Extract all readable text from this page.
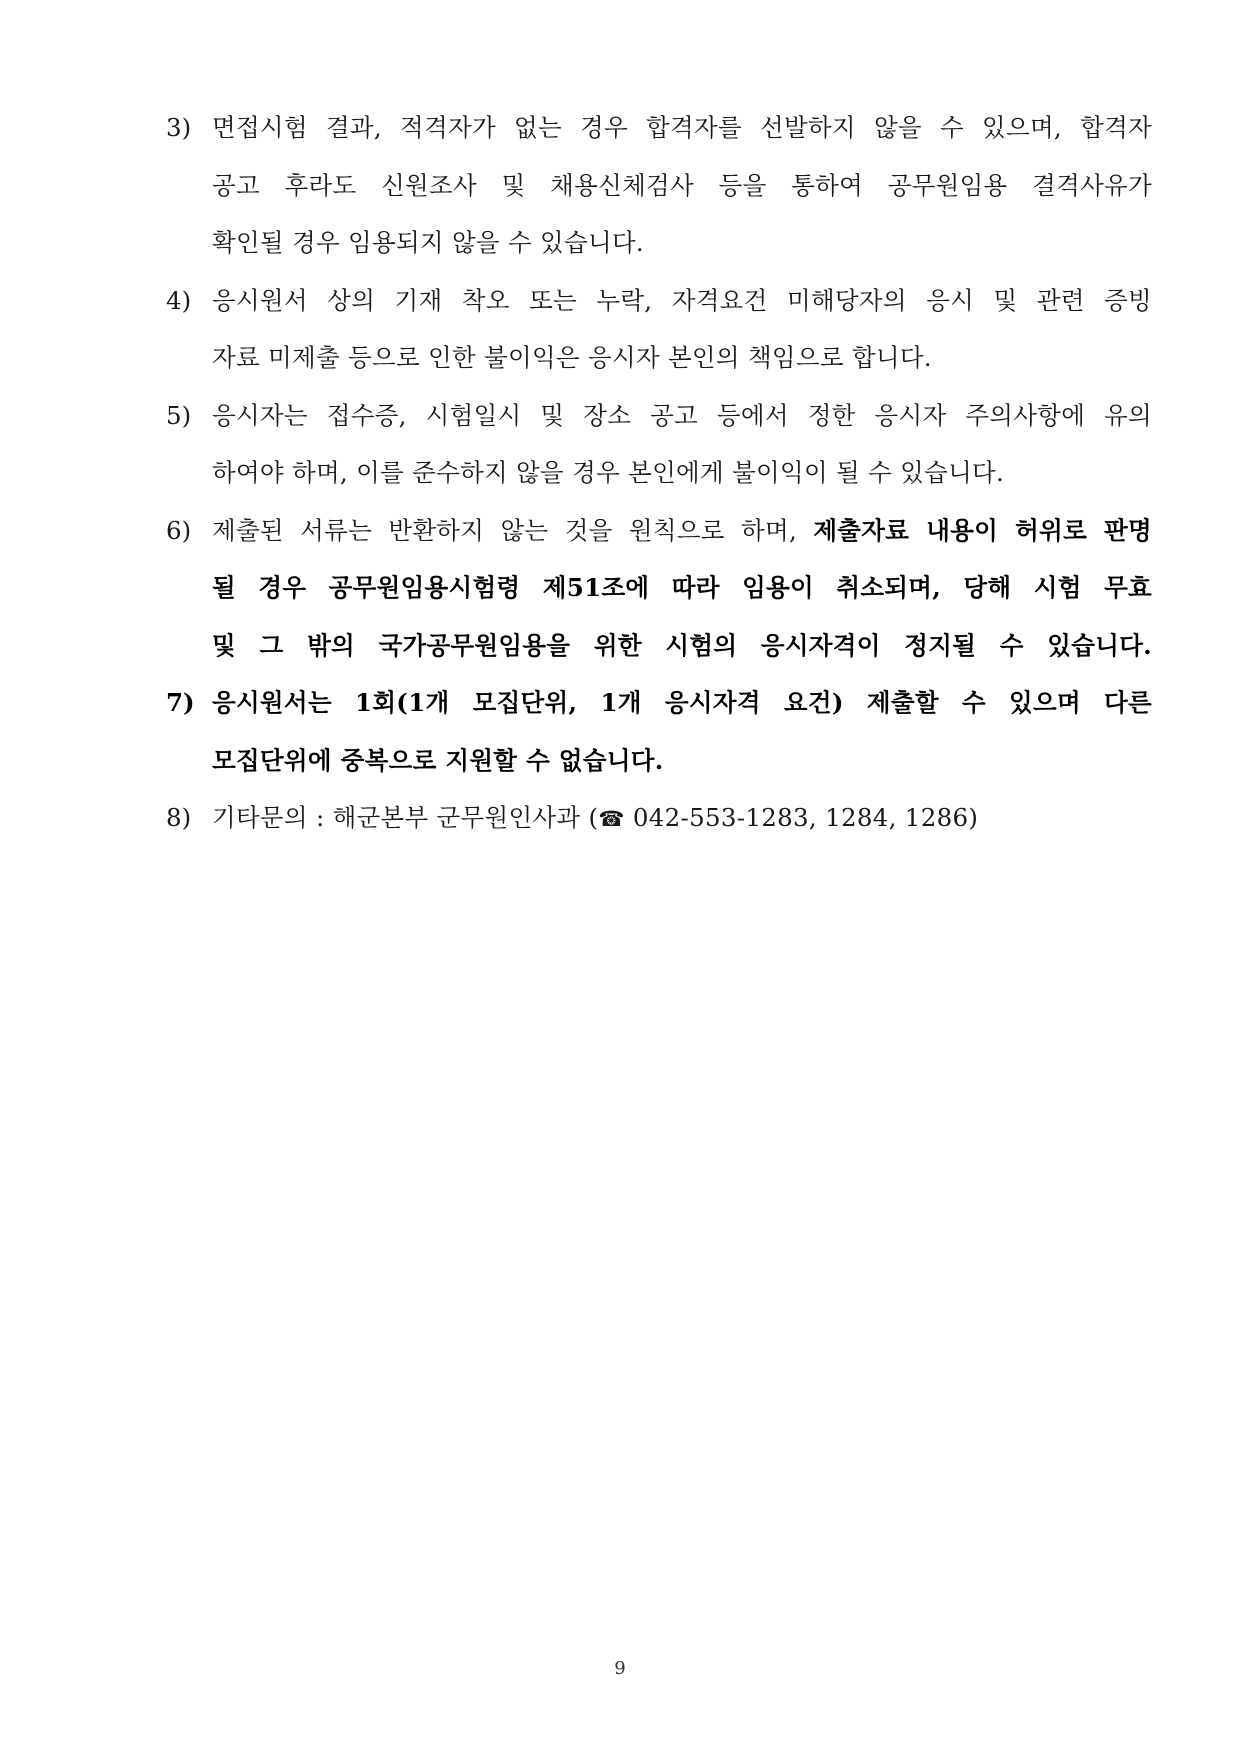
3) 면접시험 결과, 적격자가 없는 경우 합격자를 선발하지 않을 수 있으며, 합격자
공고 후라도 신원조사 및 채용신체검사 등을 통하여 공무원임용 결격사유가
확인될 경우 임용되지 않을 수 있습니다.
4) 응시원서 상의 기재 착오 또는 누락, 자격요건 미해당자의 응시 및 관련 증빙
자료 미제출 등으로 인한 불이익은 응시자 본인의 책임으로 합니다.
5) 응시자는 접수증, 시험일시 및 장소 공고 등에서 정한 응시자 주의사항에 유의
하여야 하며, 이를 준수하지 않을 경우 본인에게 불이익이 될 수 있습니다.
6) 제출된 서류는 반환하지 않는 것을 원칙으로 하며, 제출자료 내용이 허위로 판명
될 경우 공무원임용시험령 제51조에 따라 임용이 취소되며, 당해 시험 무효
및 그 밖의 국가공무원임용을 위한 시험의 응시자격이 정지될 수 있습니다.
7) 응시원서는 1회(1개 모집단위, 1개 응시자격 요건) 제출할 수 있으며 다른
모집단위에 중복으로 지원할 수 없습니다.
8) 기타문의 : 해군본부 군무원인사과 (☎ 042-553-1283, 1284, 1286)
9
